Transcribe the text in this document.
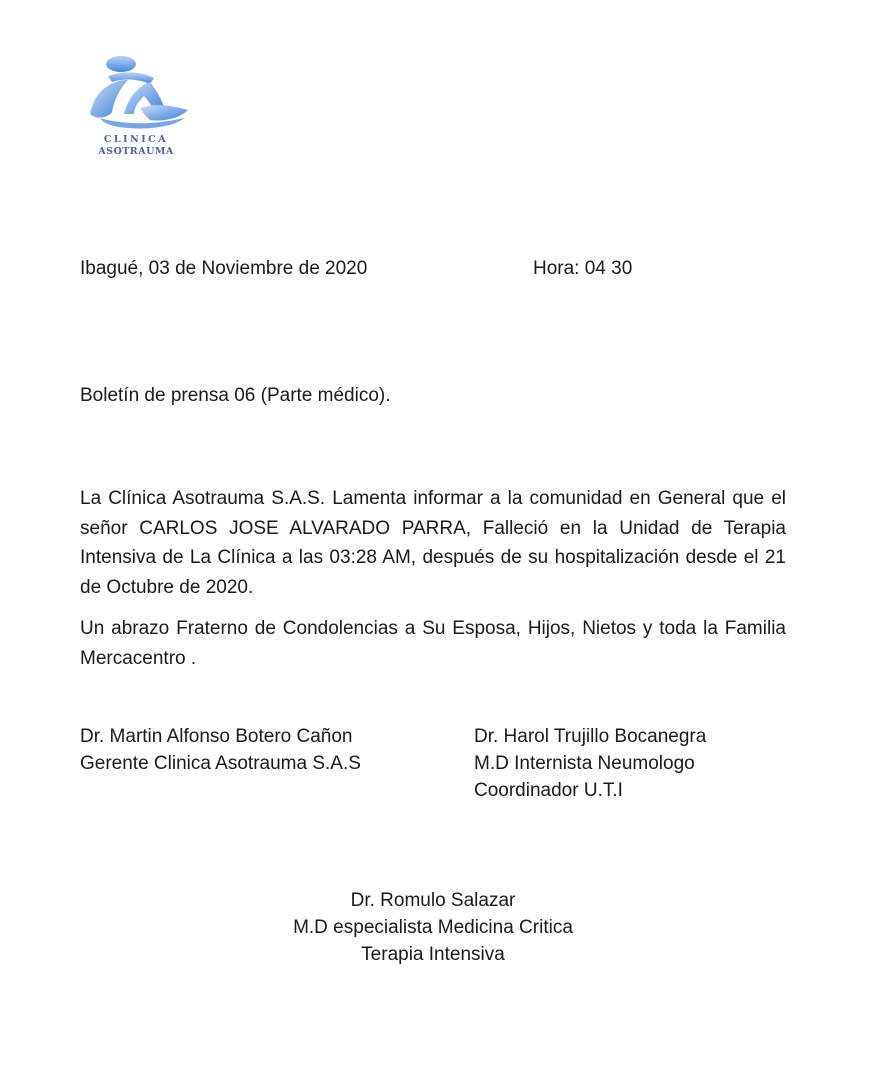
CLINICA
ASOTRAUMA
Ibagué, 03 de Noviembre de 2020	Hora: 04 30
Boletín de prensa 06 (Parte médico).

La Clínica Asotrauma S.A.S. Lamenta informar a la comunidad en General que el señor CARLOS JOSE ALVARADO PARRA, Falleció en la Unidad de Terapia Intensiva de La Clínica a las 03:28 AM, después de su hospitalización desde el 21 de Octubre de 2020.

Un abrazo Fraterno de Condolencias a Su Esposa, Hijos, Nietos y toda la Familia Mercacentro .

Dr. Martin Alfonso Botero Cañon
Gerente Clinica Asotrauma S.A.S
Dr. Harol Trujillo Bocanegra
M.D Internista Neumologo
Coordinador U.T.I
Dr. Romulo Salazar
M.D especialista Medicina Critica
Terapia Intensiva
